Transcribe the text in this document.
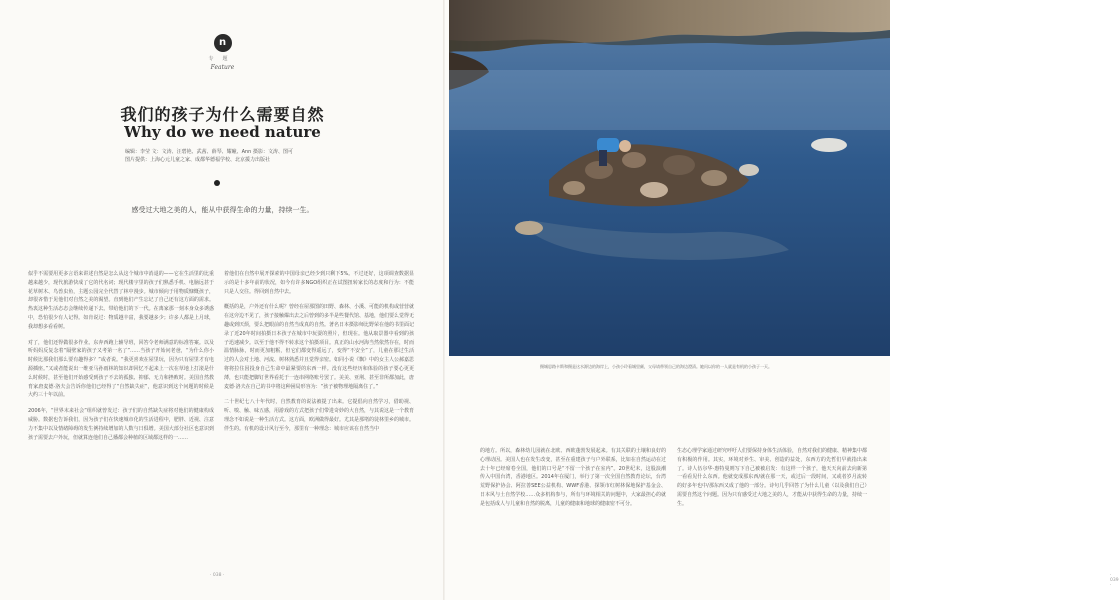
n
专题
Feature
我们的孩子为什么需要自然
Why do we need nature
编辑：李莹 文：文涛、汪碧艳、武茜、薛琴、耀瞳、Ann 摄影：文涛、图可
图片提供：上海心元儿童之家、成都华德福学校、北京援力出版社
感受过大地之美的人，能从中获得生命的力量，持续一生。

似乎不需要用更多言语来讲述自然是怎么从这个城市中消退的——它在生活里的比重越来越少，现代旅游快成了它的代名词；现代楼宇里的孩子们熟悉手机、电脑远甚于花草树木、鸟兽虫鱼，主题公园完全代替了林中漫步。城市倾向于用物质慷慨孩子，却很吝惜于见他们对自然之美的渴望。直到他们产生忘记了自己还有这方面的需求。热衷这种生活态态会继续传递下去。带给他们的下一代。在离家那一刻本身众多诱惑中，恐怕很少有人记得。如肯说过：物质越丰富，我要越多少；许多人都是上月球，我却想多看看树。

对了，他们还得做很多作业。东奔西跑上辅导班，回答令老师满意的标准答案。以及听妈妈反复念着“隔壁家的孩子又考第一名了”……当孩子开始问老爸，“为什么你小时候比那我们那么要有趣得多？”或者说。“我更喜欢在屋里玩，因为只有屋里才有电源插座。”又或者能说出一维亚马孙雨林的知识却回忆不起来上一次在草地上打滚是什么时候时，甚至他们开始感受到孩子不去的孤独、抑郁、无力和挫败时。美国自然教育家唐麦德·洛夫会告诉你他们已经得了“自然缺失症”，他意识到这个问题的时候是大约三十年以前。

2006年，“世界末来社会”组织就曾发过：孩子们的自然缺失症将对他们的健康构成威胁。数据也告诉我们，因为孩子们在快速城市化的生活进程中，肥胖、近视、注意力不集中以及情绪障碍的发生例持续增加的人数与日俱增。美国大部分社区也意识到孩子需要去户外玩，但就算连他们自己播都会种植的区域都这样的一……

着他们在自然中展开探索的中国母亲已经少到只剩下5%。不过还好，这项调查数据显示的是十多年前的状况，如今有许多NGO组织正在试图扭转家长的态度和行为：不能只是人交往。得回到自然中去。

概括的是，户外还有什么呢？曾经在屋那图的田野、森林、小溪、可能的机构或营营就在这旁边不见了，孩子接触爆出去之后曾到的多半是些餐代馆、基地，他们要么觉得无趣或到厌烦，要么把眼前的自然当成真的自然。著名日本摄影师比野荣在他的书里面记录了近20年时间拍摄日本孩子在城市中玩耍的照片，但现在。他从取景器中看到的孩子迅速减少。以至于他不得不转求这个拍摄项目。真正的山水河海当然依然存在，时而温情脉脉，时而更加粗粝，但它们都变得遥远了，变得“不安全”了，儿童在那过生活过的人会对土地、河流、树林熟悉并且觉得亲密。如同小说《飘》中的女主人公郝嘉思将将拉住因投身自己生命中最紧要的东西一样。没有这些经历和体验的孩子要心更更薄，也只能把脚钉世界看托于一连串网络账号罢了。美美、亚荆、甚至非所都加此，唐麦德·洛夫在自己的书中将这种困局形容为：“孩子被物理地隔离住了。”

二十世纪七八十年代时，自然教育的说法被提了出来。它提倡向自然学习，借助视、听、嗅、触、味五感，用游戏的方式把孩子们带进奇妙的大自然，与其说这是一个教育理念不如说是一种生活方式。这方面，欧洲做得最好。尤其是那堵的徒林里乡的城市。伴生的。有机的设计风行至今，那里有一种理念：城市应该在自然当中

· 038 ·	· 039 ·
摄城思路卡斯和摄是这水源边的海岸上，小孩小玲看城里颜，父母请带领自己的海边澄清。她问以你的一人就是有机的小孩子一天。

的地方。所以，森林幼儿园就在北欧、西欧蓬勃发展起来。有其关联的土壤和良好的心理动因。美国人也在发生改变，甚至在重建孩子与户外联系，比如在自然运动在过去十年已经席卷全国，他们的口号是“不留一个孩子在室内”。20世纪末，这股浪潮传入中国台湾，香港地区。2014年在厦门，举行了第一次全国自然教育论坛，台湾荒野保护协会、阿拉善SEE公益机构、WWF香港、探领市红树林保地保护基金会、日本风与土自然学校……众多机构参与，所有与环境相关的问题中，大家最担心的就是包括成人与儿童和自然的脱离，儿童的健康和地球的健康密不可分。

生态心理学家通过研究呼吁人们要保持身体生活体验，自然对我们的健康、精神集中都有积极的作用。其实，环境对养生、审美、创造的益处，东西方的先哲们早就指出来了。诗人伍尔华·惠特曼则写下自己被被启发：有这样一个孩子，他天天向前去向新第一看看见什么东西。他就变成那东西/就在那一天，或过后一段时间，又或者岁月流转的好多年也中/那东西又成了他的一部分。诗句几乎回答了为什么儿童（以及我们自己）需要自然这个问题。因为只有感受过大地之美的人，才能从中获得生命的力量，持续一生。
